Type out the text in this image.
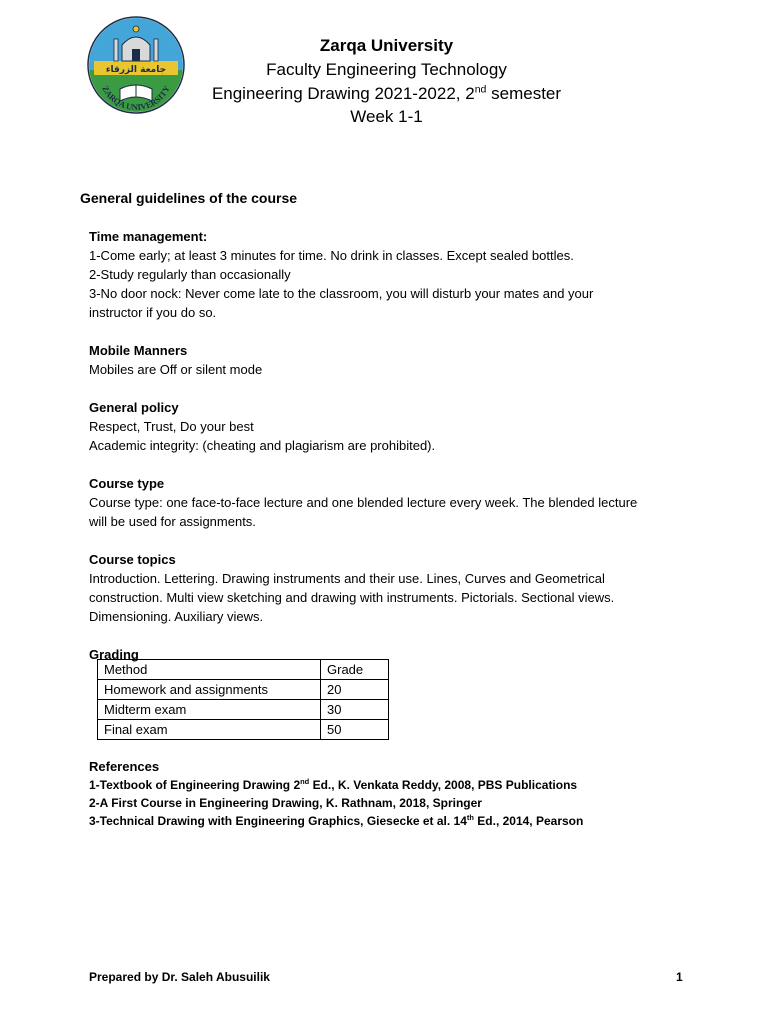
جامعة الزرقاء
ZARQA UNIVERSITY
Zarqa University
Faculty Engineering Technology
Engineering Drawing 2021-2022, 2nd semester
Week 1-1
General guidelines of the course

Time management:

1-Come early; at least 3 minutes for time. No drink in classes. Except sealed bottles.

2-Study regularly than occasionally

3-No door nock: Never come late to the classroom, you will disturb your mates and your

instructor if you do so.

Mobile Manners

Mobiles are Off or silent mode

General policy

Respect, Trust, Do your best

Academic integrity: (cheating and plagiarism are prohibited).

Course type

Course type: one face-to-face lecture and one blended lecture every week. The blended lecture

will be used for assignments.

Course topics

Introduction. Lettering. Drawing instruments and their use. Lines, Curves and Geometrical

construction. Multi view sketching and drawing with instruments. Pictorials. Sectional views.

Dimensioning. Auxiliary views.

Grading

Method	Grade
Homework and assignments	20
Midterm exam	30
Final exam	50

References

1-Textbook of Engineering Drawing 2nd Ed., K. Venkata Reddy, 2008, PBS Publications

2-A First Course in Engineering Drawing, K. Rathnam, 2018, Springer

3-Technical Drawing with Engineering Graphics, Giesecke et al. 14th Ed., 2014, Pearson

Prepared by Dr. Saleh Abusuilik	1
